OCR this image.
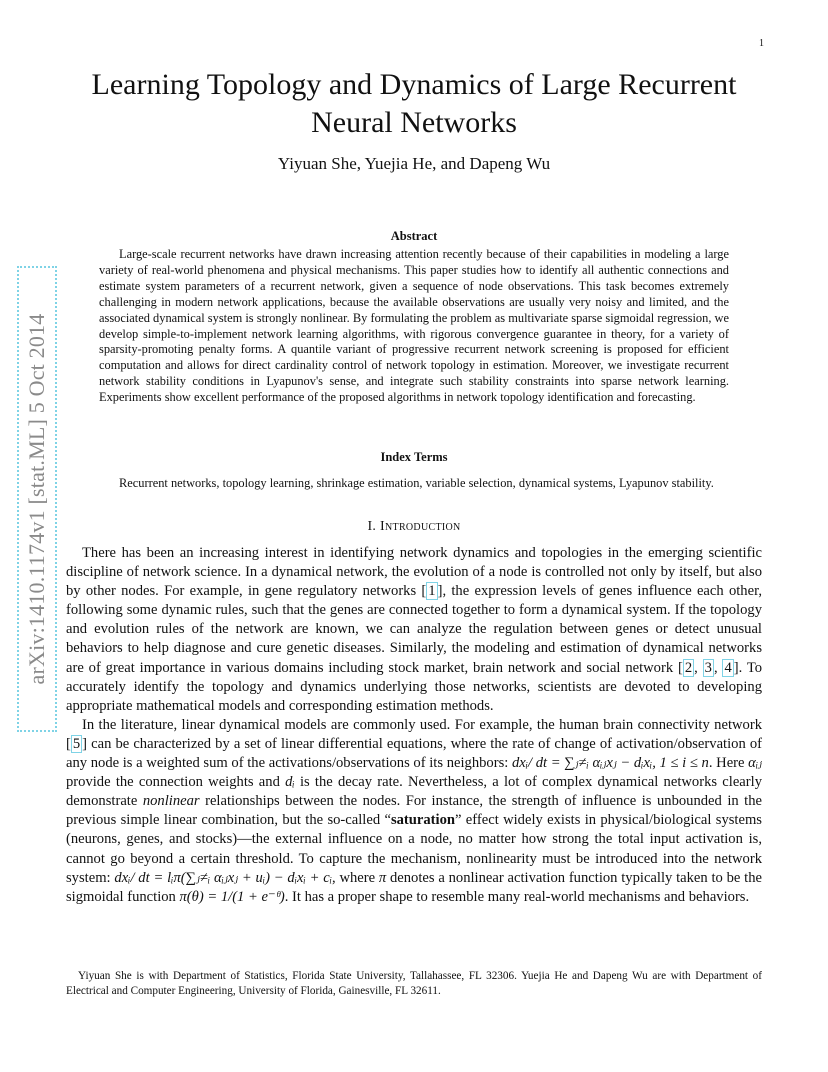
1
arXiv:1410.1174v1 [stat.ML] 5 Oct 2014
Learning Topology and Dynamics of Large Recurrent Neural Networks
Yiyuan She, Yuejia He, and Dapeng Wu
Abstract

Large-scale recurrent networks have drawn increasing attention recently because of their capabilities in modeling a large variety of real-world phenomena and physical mechanisms. This paper studies how to identify all authentic connections and estimate system parameters of a recurrent network, given a sequence of node observations. This task becomes extremely challenging in modern network applications, because the available observations are usually very noisy and limited, and the associated dynamical system is strongly nonlinear. By formulating the problem as multivariate sparse sigmoidal regression, we develop simple-to-implement network learning algorithms, with rigorous convergence guarantee in theory, for a variety of sparsity-promoting penalty forms. A quantile variant of progressive recurrent network screening is proposed for efficient computation and allows for direct cardinality control of network topology in estimation. Moreover, we investigate recurrent network stability conditions in Lyapunov's sense, and integrate such stability constraints into sparse network learning. Experiments show excellent performance of the proposed algorithms in network topology identification and forecasting.

Index Terms

Recurrent networks, topology learning, shrinkage estimation, variable selection, dynamical systems, Lyapunov stability.

I. Introduction

There has been an increasing interest in identifying network dynamics and topologies in the emerging scientific discipline of network science. In a dynamical network, the evolution of a node is controlled not only by itself, but also by other nodes. For example, in gene regulatory networks [ 1 ], the expression levels of genes influence each other, following some dynamic rules, such that the genes are connected together to form a dynamical system. If the topology and evolution rules of the network are known, we can analyze the regulation between genes or detect unusual behaviors to help diagnose and cure genetic diseases. Similarly, the modeling and estimation of dynamical networks are of great importance in various domains including stock market, brain network and social network [ 2 , 3 , 4 ]. To accurately identify the topology and dynamics underlying those networks, scientists are devoted to developing appropriate mathematical models and corresponding estimation methods.

In the literature, linear dynamical models are commonly used. For example, the human brain connectivity network [ 5 ] can be characterized by a set of linear differential equations, where the rate of change of activation/observation of any node is a weighted sum of the activations/observations of its neighbors: dxᵢ/ dt = ∑ⱼ≠ᵢ αᵢⱼxⱼ − dᵢxᵢ, 1 ≤ i ≤ n. Here αᵢⱼ provide the connection weights and dᵢ is the decay rate. Nevertheless, a lot of complex dynamical networks clearly demonstrate nonlinear relationships between the nodes. For instance, the strength of influence is unbounded in the previous simple linear combination, but the so-called “saturation” effect widely exists in physical/biological systems (neurons, genes, and stocks)—the external influence on a node, no matter how strong the total input activation is, cannot go beyond a certain threshold. To capture the mechanism, nonlinearity must be introduced into the network system: dxᵢ/ dt = lᵢπ(∑ⱼ≠ᵢ αᵢⱼxⱼ + uᵢ) − dᵢxᵢ + cᵢ, where π denotes a nonlinear activation function typically taken to be the sigmoidal function π(θ) = 1/(1 + e⁻ᶿ). It has a proper shape to resemble many real-world mechanisms and behaviors.

Yiyuan She is with Department of Statistics, Florida State University, Tallahassee, FL 32306. Yuejia He and Dapeng Wu are with Department of Electrical and Computer Engineering, University of Florida, Gainesville, FL 32611.
